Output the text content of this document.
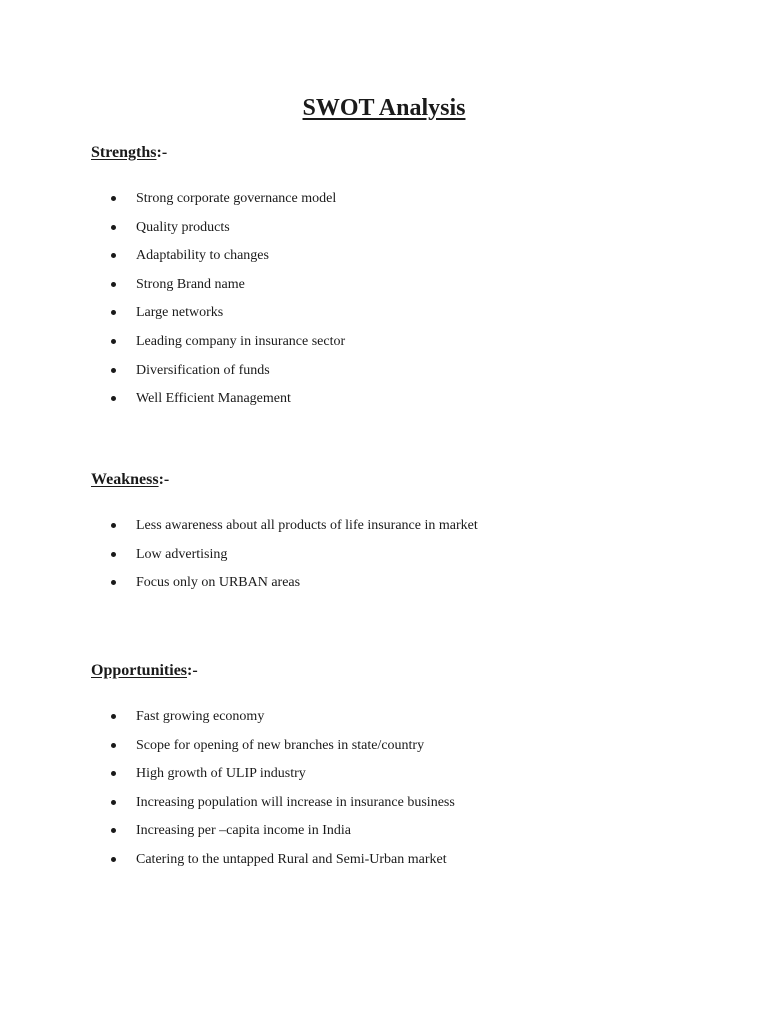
SWOT Analysis
Strengths:-
Strong corporate governance model
Quality products
Adaptability to changes
Strong Brand name
Large networks
Leading company in insurance sector
Diversification of funds
Well Efficient Management
Weakness:-
Less awareness about all products of life insurance in market
Low advertising
Focus only on URBAN areas
Opportunities:-
Fast growing economy
Scope for opening of new branches in state/country
High growth of ULIP industry
Increasing population will increase in insurance business
Increasing per –capita income in India
Catering to the untapped Rural and Semi-Urban market
